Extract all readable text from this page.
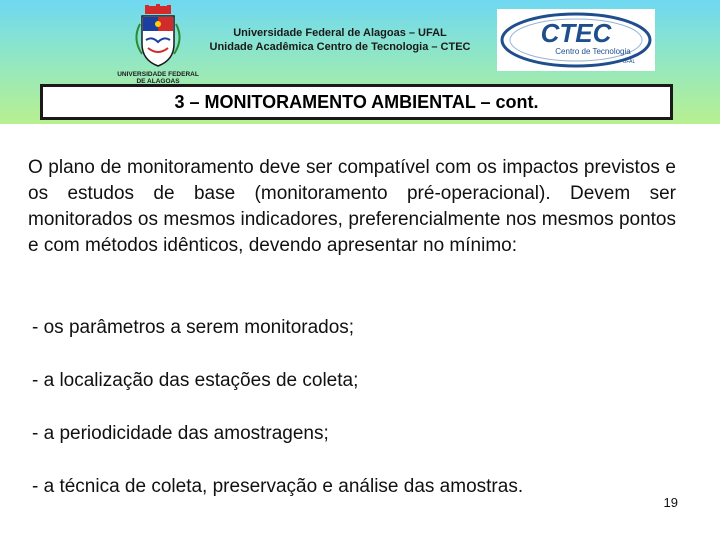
UNIVERSIDADE FEDERAL
DE ALAGOAS
Universidade Federal de Alagoas – UFAL
Unidade Acadêmica Centro de Tecnologia – CTEC	CTEC
Centro de Tecnologia
UFAL
3 – MONITORAMENTO AMBIENTAL – cont.
O plano de monitoramento deve ser compatível com os impactos previstos e os estudos de base (monitoramento pré-operacional). Devem ser monitorados os mesmos indicadores, preferencialmente nos mesmos pontos e com métodos idênticos, devendo apresentar no mínimo:
- os parâmetros a serem monitorados;
- a localização das estações de coleta;
- a periodicidade das amostragens;
- a técnica de coleta, preservação e análise das amostras.
19
